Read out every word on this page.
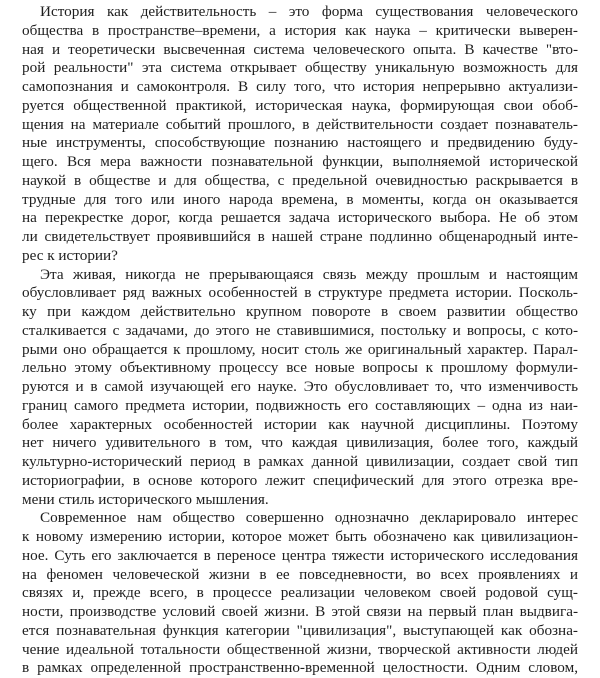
История как действительность – это форма существования человеческого
общества в пространстве–времени, а история как наука – критически выверен-
ная и теоретически высвеченная система человеческого опыта. В качестве "вто-
рой реальности" эта система открывает обществу уникальную возможность для
самопознания и самоконтроля. В силу того, что история непрерывно актуализи-
руется общественной практикой, историческая наука, формирующая свои обоб-
щения на материале событий прошлого, в действительности создает познаватель-
ные инструменты, способствующие познанию настоящего и предвидению буду-
щего. Вся мера важности познавательной функции, выполняемой исторической
наукой в обществе и для общества, с предельной очевидностью раскрывается в
трудные для того или иного народа времена, в моменты, когда он оказывается
на перекрестке дорог, когда решается задача исторического выбора. Не об этом
ли свидетельствует проявившийся в нашей стране подлинно общенародный инте-
рес к истории?
Эта живая, никогда не прерывающаяся связь между прошлым и настоящим
обусловливает ряд важных особенностей в структуре предмета истории. Посколь-
ку при каждом действительно крупном повороте в своем развитии общество
сталкивается с задачами, до этого не ставившимися, постольку и вопросы, с кото-
рыми оно обращается к прошлому, носит столь же оригинальный характер. Парал-
лельно этому объективному процессу все новые вопросы к прошлому формули-
руются и в самой изучающей его науке. Это обусловливает то, что изменчивость
границ самого предмета истории, подвижность его составляющих – одна из наи-
более характерных особенностей истории как научной дисциплины. Поэтому
нет ничего удивительного в том, что каждая цивилизация, более того, каждый
культурно-исторический период в рамках данной цивилизации, создает свой тип
историографии, в основе которого лежит специфический для этого отрезка вре-
мени стиль исторического мышления.
Современное нам общество совершенно однозначно декларировало интерес
к новому измерению истории, которое может быть обозначено как цивилизацион-
ное. Суть его заключается в переносе центра тяжести исторического исследования
на феномен человеческой жизни в ее повседневности, во всех проявлениях и
связях и, прежде всего, в процессе реализации человеком своей родовой сущ-
ности, производстве условий своей жизни. В этой связи на первый план выдвига-
ется познавательная функция категории "цивилизация", выступающей как обозна-
чение идеальной тотальности общественной жизни, творческой активности людей
в рамках определенной пространственно-временной целостности. Одним словом,
